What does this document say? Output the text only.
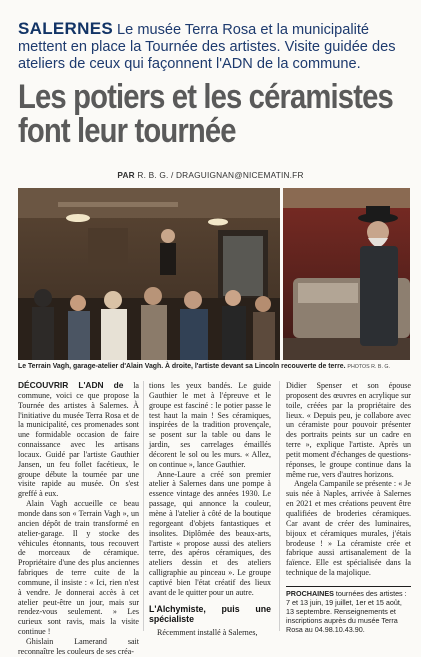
SALERNES Le musée Terra Rosa et la municipalité mettent en place la Tournée des artistes. Visite guidée des ateliers de ceux qui façonnent l'ADN de la commune.
Les potiers et les céramistes
font leur tournée
PAR R. B. G. / DRAGUIGNAN@NICEMATIN.FR
Le Terrain Vagh, garage-atelier d'Alain Vagh. À droite, l'artiste devant sa Lincoln recouverte de terre. PHOTOS R. B. G.

DÉCOUVRIR L'ADN de la commune, voici ce que propose la Tournée des artistes à Salernes. À l'initiative du musée Terra Rosa et de la municipalité, ces promenades sont une formidable occasion de faire connaissance avec les artisans locaux. Guidé par l'artiste Gauthier Jansen, un feu follet facétieux, le groupe débute la tournée par une visite rapide au musée. On s'est greffé à eux.

Alain Vagh accueille ce beau monde dans son « Terrain Vagh », un ancien dépôt de train transformé en atelier-garage. Il y stocke des véhicules étonnants, tous recouvert de morceaux de céramique. Propriétaire d'une des plus anciennes fabriques de terre cuite de la commune, il insiste : « Ici, rien n'est à vendre. Je donnerai accès à cet atelier peut-être un jour, mais sur rendez-vous seulement. » Les curieux sont ravis, mais la visite continue !

Ghislain Lamerand sait reconnaître les couleurs de ses créa-

tions les yeux bandés. Le guide Gauthier le met à l'épreuve et le groupe est fasciné : le potier passe le test haut la main ! Ses céramiques, inspirées de la tradition provençale, se posent sur la table ou dans le jardin, ses carrelages émaillés décorent le sol ou les murs. « Allez, on continue », lance Gauthier.

Anne-Laure a créé son premier atelier à Salernes dans une pompe à essence vintage des années 1930. Le passage, qui annonce la couleur, mène à l'atelier à côté de la boutique regorgeant d'objets fantastiques et insolites. Diplômée des beaux-arts, l'artiste « propose aussi des ateliers terre, des apéros céramiques, des ateliers dessin et des ateliers calligraphie au pinceau ». Le groupe captivé bien l'état créatif des lieux avant de le quitter pour un autre.

L'Alchymiste, puis une spécialiste

Récemment installé à Salernes,

Didier Spenser et son épouse proposent des œuvres en acrylique sur toile, créées par la propriétaire des lieux. « Depuis peu, je collabore avec un céramiste pour pouvoir présenter des portraits peints sur un cadre en terre », explique l'artiste. Après un petit moment d'échanges de questions-réponses, le groupe continue dans la même rue, vers d'autres horizons.

Angela Campanile se présente : « Je suis née à Naples, arrivée à Salernes en 2021 et mes créations peuvent être qualifiées de broderies céramiques. Car avant de créer des luminaires, bijoux et céramiques murales, j'étais brodeuse ! » La céramiste crée et fabrique aussi artisanalement de la faïence. Elle est spécialisée dans la technique de la majolique.

PROCHAINES tournées des artistes : 7 et 13 juin, 19 juillet, 1er et 15 août, 13 septembre. Renseignements et inscriptions auprès du musée Terra Rosa au 04.98.10.43.90.
